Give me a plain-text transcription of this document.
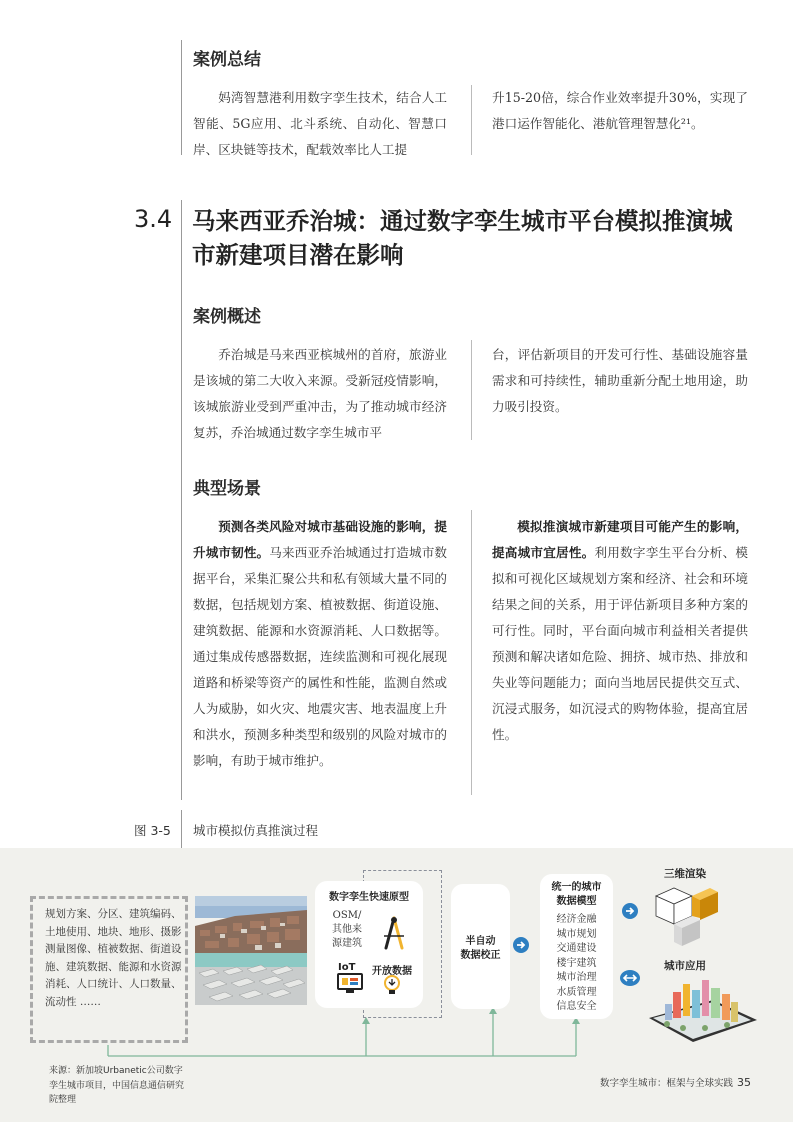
案例总结

妈湾智慧港利用数字孪生技术，结合人工智能、5G应用、北斗系统、自动化、智慧口岸、区块链等技术，配载效率比人工提

升15-20倍，综合作业效率提升30%，实现了港口运作智能化、港航管理智慧化²¹。

3.4 马来西亚乔治城：通过数字孪生城市平台模拟推演城市新建项目潜在影响
案例概述

乔治城是马来西亚槟城州的首府，旅游业是该城的第二大收入来源。受新冠疫情影响，该城旅游业受到严重冲击，为了推动城市经济复苏，乔治城通过数字孪生城市平

台，评估新项目的开发可行性、基础设施容量需求和可持续性，辅助重新分配土地用途，助力吸引投资。

典型场景

预测各类风险对城市基础设施的影响，提升城市韧性。马来西亚乔治城通过打造城市数据平台，采集汇聚公共和私有领域大量不同的数据，包括规划方案、植被数据、街道设施、建筑数据、能源和水资源消耗、人口数据等。通过集成传感器数据，连续监测和可视化展现道路和桥梁等资产的属性和性能，监测自然或人为威胁，如火灾、地震灾害、地表温度上升和洪水，预测多种类型和级别的风险对城市的影响，有助于城市维护。

模拟推演城市新建项目可能产生的影响，提高城市宜居性。利用数字孪生平台分析、模拟和可视化区域规划方案和经济、社会和环境结果之间的关系，用于评估新项目多种方案的可行性。同时，平台面向城市利益相关者提供预测和解决诸如危险、拥挤、城市热、排放和失业等问题能力；面向当地居民提供交互式、沉浸式服务，如沉浸式的购物体验，提高宜居性。

图 3-5 城市模拟仿真推演过程
规划方案、分区、建筑编码、土地使用、地块、地形、摄影测量图像、植被数据、街道设施、建筑数据、能源和水资源消耗、人口统计、人口数量、流动性 ……
数字孪生快速原型
OSM/
其他来
源建筑
IoT 开放数据
半自动
数据校正
统一的城市
数据模型
经济金融
城市规划
交通建设
楼宇建筑
城市治理
水质管理
信息安全
三维渲染
城市应用
来源：新加坡Urbanetic公司数字孪生城市项目，中国信息通信研究院整理
数字孪生城市：框架与全球实践 35
